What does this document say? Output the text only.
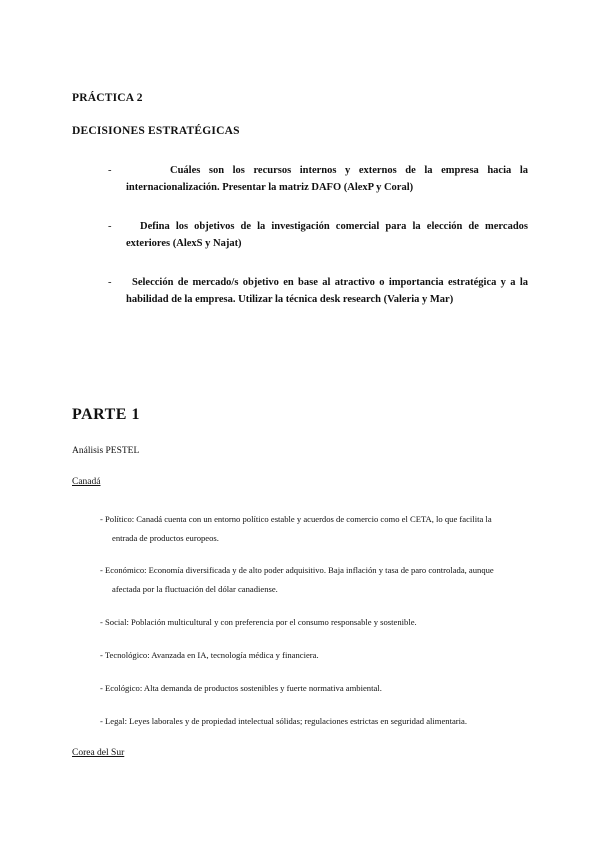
PRÁCTICA 2
DECISIONES ESTRATÉGICAS
-	Cuáles son los recursos internos y externos de la empresa hacia la
internacionalización. Presentar la matriz DAFO (AlexP y Coral)
-	Defina los objetivos de la investigación comercial para la elección de mercados
exteriores (AlexS y Najat)
- Selección de mercado/s objetivo en base al atractivo o importancia estratégica y a la
habilidad de la empresa. Utilizar la técnica desk research (Valeria y Mar)
PARTE 1
Análisis PESTEL
Canadá
- Político: Canadá cuenta con un entorno político estable y acuerdos de comercio como el CETA, lo que facilita la
entrada de productos europeos.
- Económico: Economía diversificada y de alto poder adquisitivo. Baja inflación y tasa de paro controlada, aunque
afectada por la fluctuación del dólar canadiense.
- Social: Población multicultural y con preferencia por el consumo responsable y sostenible.
- Tecnológico: Avanzada en IA, tecnología médica y financiera.
- Ecológico: Alta demanda de productos sostenibles y fuerte normativa ambiental.
- Legal: Leyes laborales y de propiedad intelectual sólidas; regulaciones estrictas en seguridad alimentaria.
Corea del Sur
